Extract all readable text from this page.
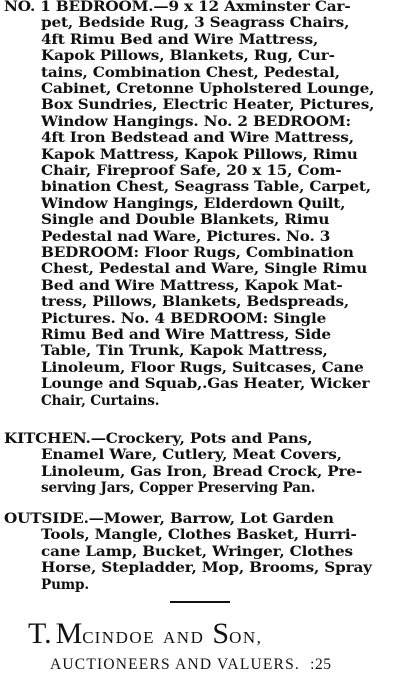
NO. 1 BEDROOM.—9 x 12 Axminster Car-
pet, Bedside Rug, 3 Seagrass Chairs,
4ft Rimu Bed and Wire Mattress,
Kapok Pillows, Blankets, Rug, Cur-
tains, Combination Chest, Pedestal,
Cabinet, Cretonne Upholstered Lounge,
Box Sundries, Electric Heater, Pictures,
Window Hangings. No. 2 BEDROOM:
4ft Iron Bedstead and Wire Mattress,
Kapok Mattress, Kapok Pillows, Rimu
Chair, Fireproof Safe, 20 x 15, Com-
bination Chest, Seagrass Table, Carpet,
Window Hangings, Elderdown Quilt,
Single and Double Blankets, Rimu
Pedestal nad Ware, Pictures. No. 3
BEDROOM: Floor Rugs, Combination
Chest, Pedestal and Ware, Single Rimu
Bed and Wire Mattress, Kapok Mat-
tress, Pillows, Blankets, Bedspreads,
Pictures. No. 4 BEDROOM: Single
Rimu Bed and Wire Mattress, Side
Table, Tin Trunk, Kapok Mattress,
Linoleum, Floor Rugs, Suitcases, Cane
Lounge and Squab,.Gas Heater, Wicker
Chair, Curtains.
KITCHEN.—Crockery, Pots and Pans,
Enamel Ware, Cutlery, Meat Covers,
Linoleum, Gas Iron, Bread Crock, Pre-
serving Jars, Copper Preserving Pan.
OUTSIDE.—Mower, Barrow, Lot Garden
Tools, Mangle, Clothes Basket, Hurri-
cane Lamp, Bucket, Wringer, Clothes
Horse, Stepladder, Mop, Brooms, Spray
Pump.
T. MCINDOE AND SON,
AUCTIONEERS AND VALUERS. :25
